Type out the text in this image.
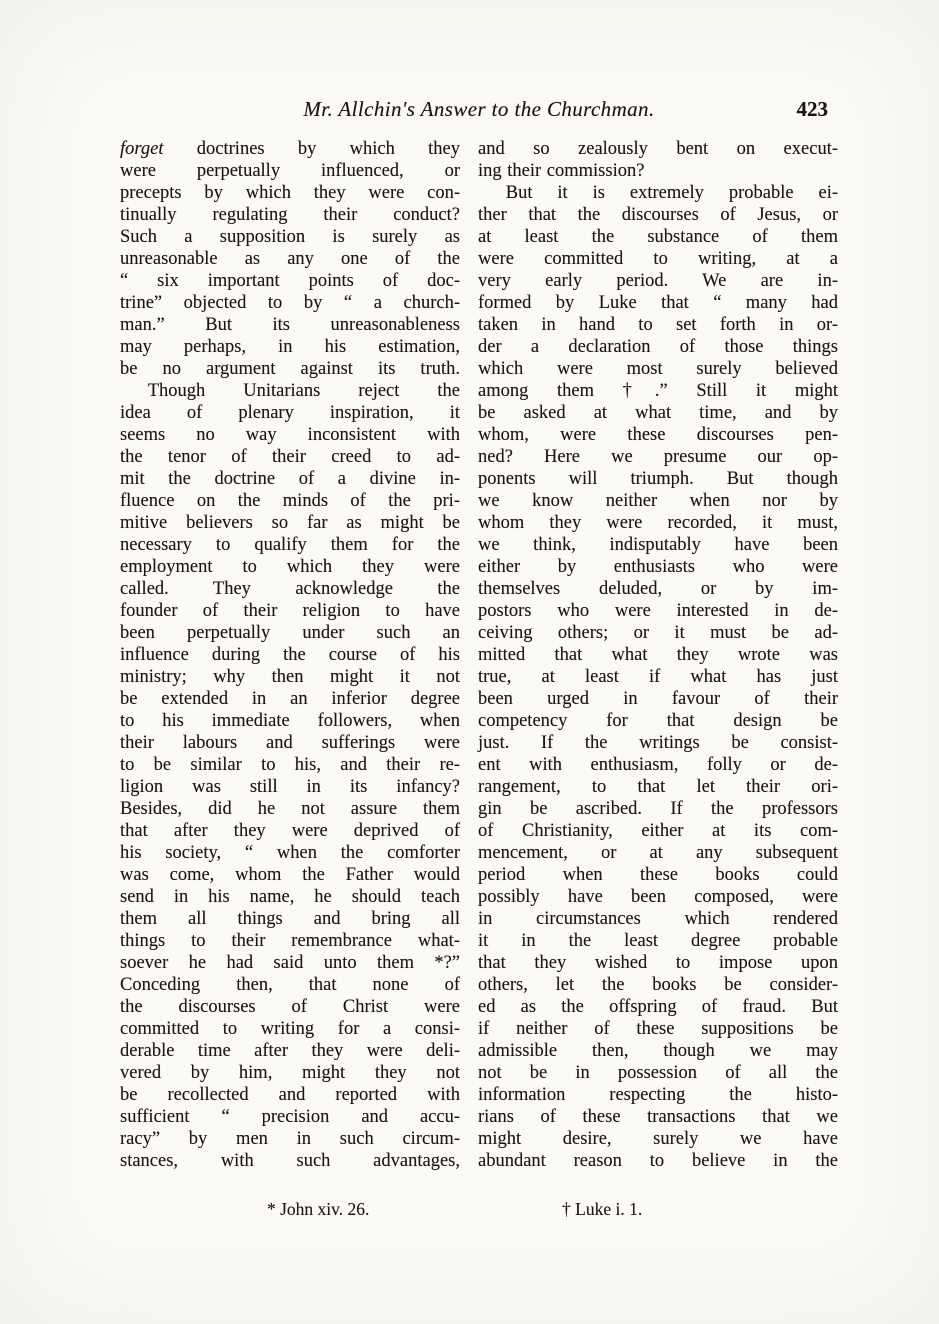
Mr. Allchin's Answer to the Churchman.	423
forget doctrines by which they
were perpetually influenced, or
precepts by which they were con-
tinually regulating their conduct?
Such a supposition is surely as
unreasonable as any one of the
“ six important points of doc-
trine” objected to by “ a church-
man.” But its unreasonableness
may perhaps, in his estimation,
be no argument against its truth.
Though Unitarians reject the
idea of plenary inspiration, it
seems no way inconsistent with
the tenor of their creed to ad-
mit the doctrine of a divine in-
fluence on the minds of the pri-
mitive believers so far as might be
necessary to qualify them for the
employment to which they were
called. They acknowledge the
founder of their religion to have
been perpetually under such an
influence during the course of his
ministry; why then might it not
be extended in an inferior degree
to his immediate followers, when
their labours and sufferings were
to be similar to his, and their re-
ligion was still in its infancy?
Besides, did he not assure them
that after they were deprived of
his society, “ when the comforter
was come, whom the Father would
send in his name, he should teach
them all things and bring all
things to their remembrance what-
soever he had said unto them *?”
Conceding then, that none of
the discourses of Christ were
committed to writing for a consi-
derable time after they were deli-
vered by him, might they not
be recollected and reported with
sufficient “ precision and accu-
racy” by men in such circum-
stances, with such advantages,
and so zealously bent on execut-
ing their commission?
But it is extremely probable ei-
ther that the discourses of Jesus, or
at least the substance of them
were committed to writing, at a
very early period. We are in-
formed by Luke that “ many had
taken in hand to set forth in or-
der a declaration of those things
which were most surely believed
among them †.” Still it might
be asked at what time, and by
whom, were these discourses pen-
ned? Here we presume our op-
ponents will triumph. But though
we know neither when nor by
whom they were recorded, it must,
we think, indisputably have been
either by enthusiasts who were
themselves deluded, or by im-
postors who were interested in de-
ceiving others; or it must be ad-
mitted that what they wrote was
true, at least if what has just
been urged in favour of their
competency for that design be
just. If the writings be consist-
ent with enthusiasm, folly or de-
rangement, to that let their ori-
gin be ascribed. If the professors
of Christianity, either at its com-
mencement, or at any subsequent
period when these books could
possibly have been composed, were
in circumstances which rendered
it in the least degree probable
that they wished to impose upon
others, let the books be consider-
ed as the offspring of fraud. But
if neither of these suppositions be
admissible then, though we may
not be in possession of all the
information respecting the histo-
rians of these transactions that we
might desire, surely we have
abundant reason to believe in the
* John xiv. 26.	† Luke i. 1.
